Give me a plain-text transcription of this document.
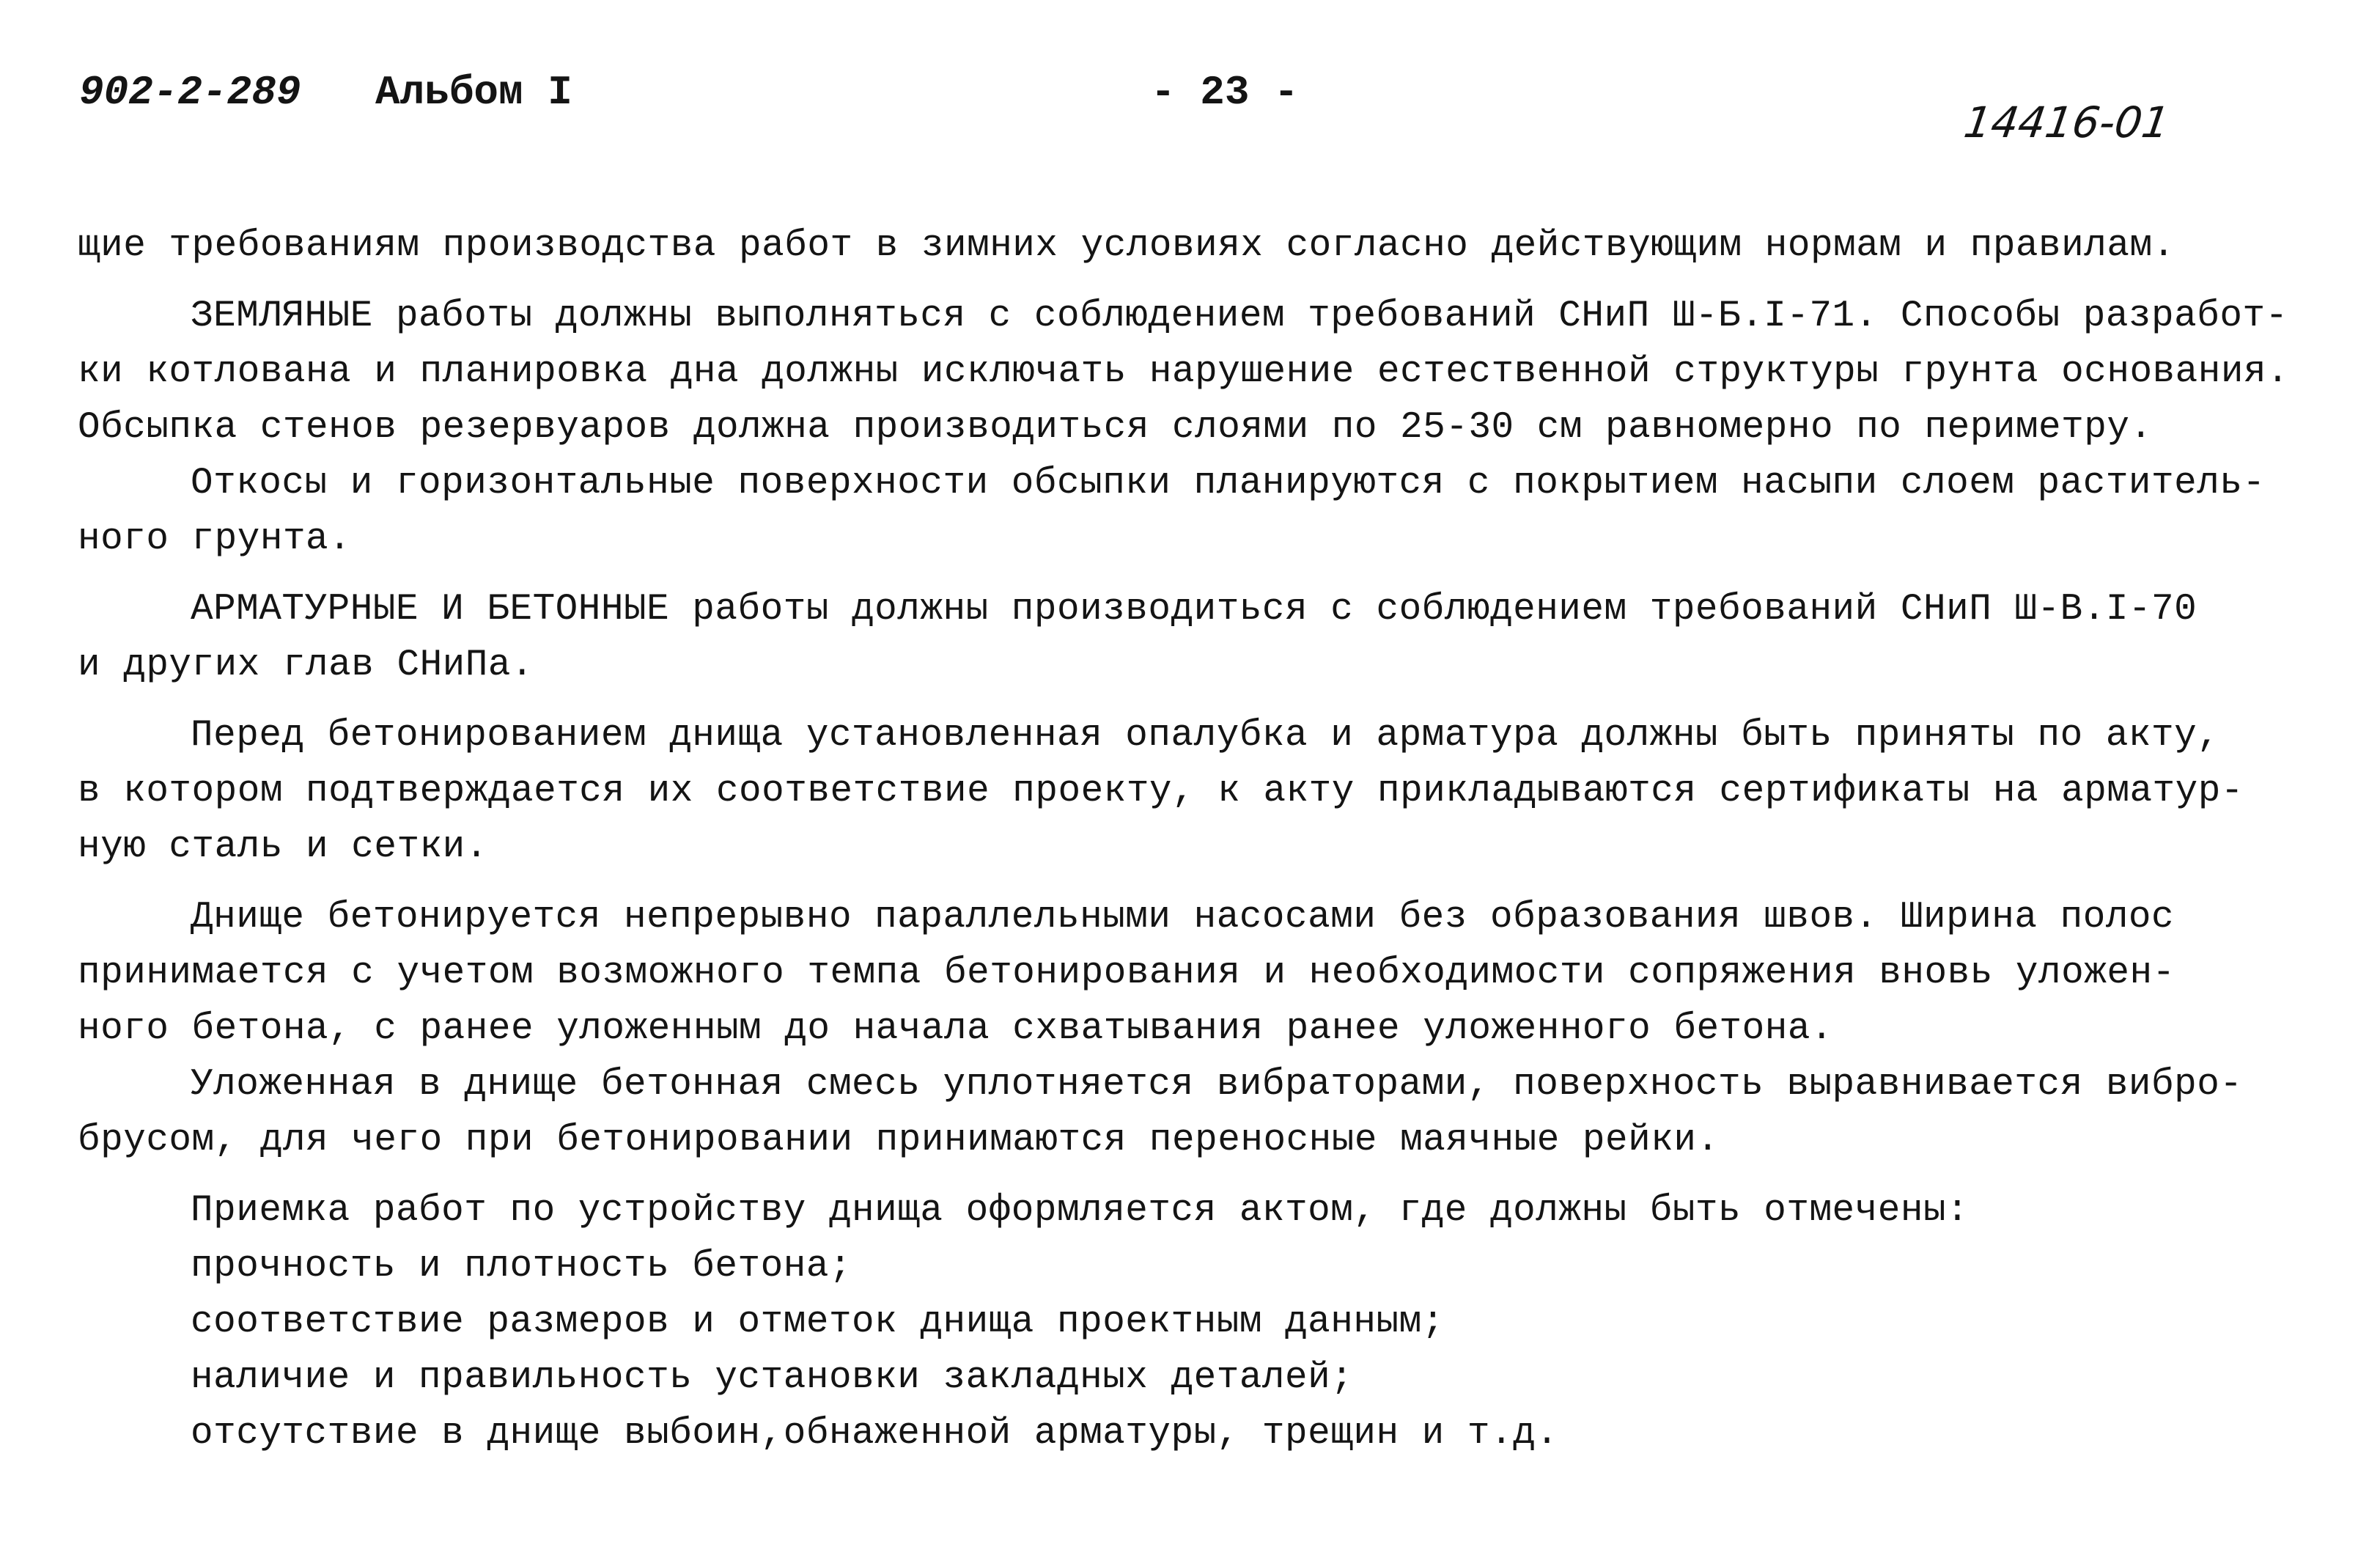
902-2-289 Альбом I	- 23 -
14416-01
щие требованиям производства работ в зимних условиях согласно действующим нормам и правилам.
ЗЕМЛЯНЫЕ работы должны выполняться с соблюдением требований СНиП Ш-Б.I-71. Способы разработ-
ки котлована и планировка дна должны исключать нарушение естественной структуры грунта основания.
Обсыпка стенов резервуаров должна производиться слоями по 25-30 см равномерно по периметру.
Откосы и горизонтальные поверхности обсыпки планируются с покрытием насыпи слоем раститель-
ного грунта.
АРМАТУРНЫЕ И БЕТОННЫЕ работы должны производиться с соблюдением требований СНиП Ш-В.I-70
и других глав СНиПа.
Перед бетонированием днища установленная опалубка и арматура должны быть приняты по акту,
в котором подтверждается их соответствие проекту, к акту прикладываются сертификаты на арматур-
ную сталь и сетки.
Днище бетонируется непрерывно параллельными насосами без образования швов. Ширина полос
принимается с учетом возможного темпа бетонирования и необходимости сопряжения вновь уложен-
ного бетона, с ранее уложенным до начала схватывания ранее уложенного бетона.
Уложенная в днище бетонная смесь уплотняется вибраторами, поверхность выравнивается вибро-
брусом, для чего при бетонировании принимаются переносные маячные рейки.
Приемка работ по устройству днища оформляется актом, где должны быть отмечены:
прочность и плотность бетона;
соответствие размеров и отметок днища проектным данным;
наличие и правильность установки закладных деталей;
отсутствие в днище выбоин,обнаженной арматуры, трещин и т.д.
